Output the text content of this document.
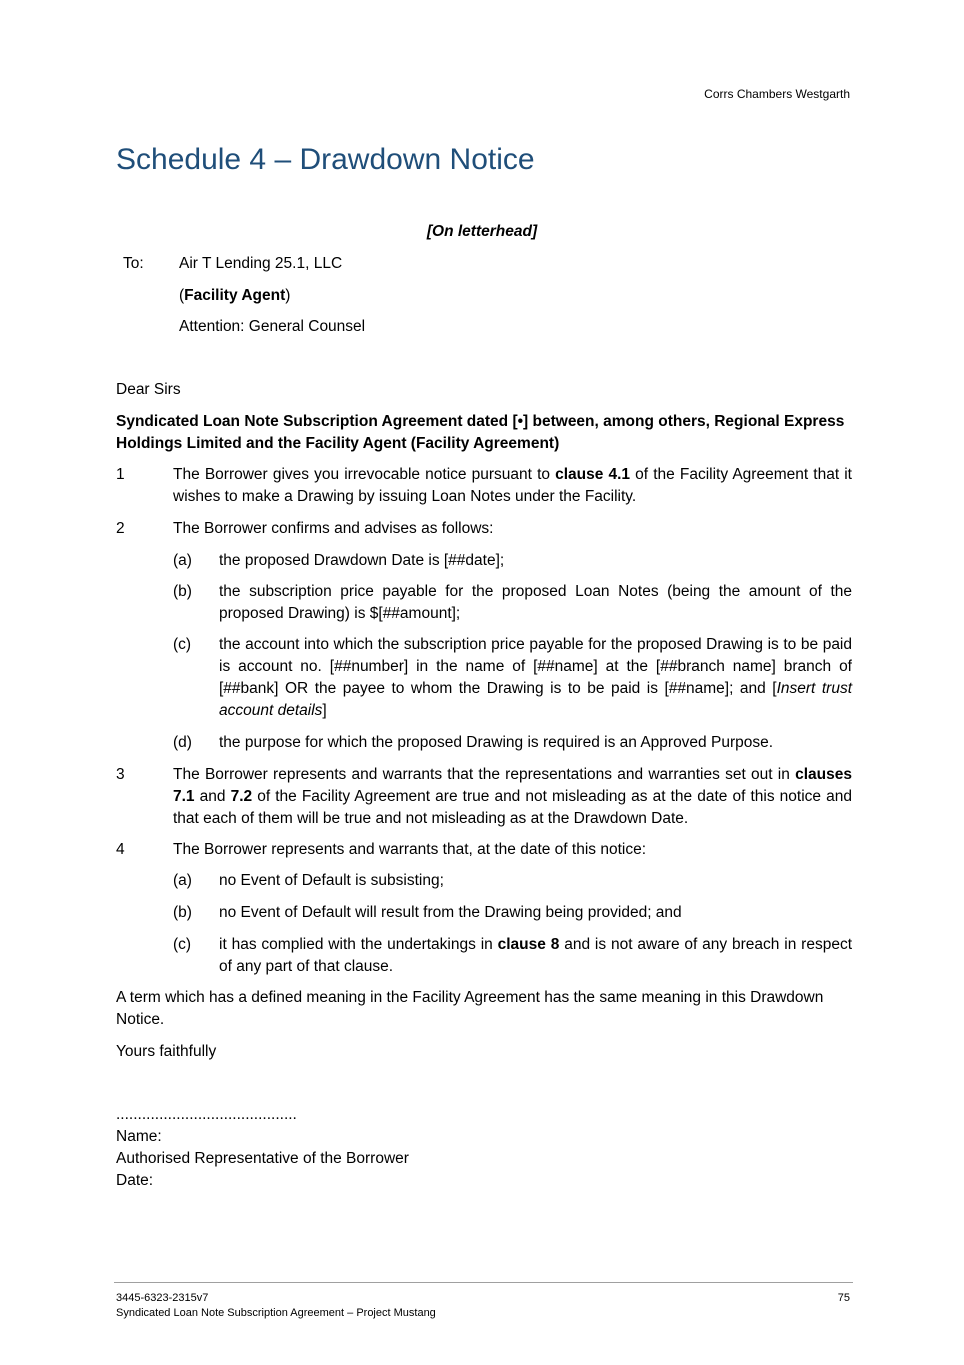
Corrs Chambers Westgarth
Schedule 4 – Drawdown Notice
[On letterhead]
To: Air T Lending 25.1, LLC
(Facility Agent)
Attention: General Counsel
Dear Sirs
Syndicated Loan Note Subscription Agreement dated [•] between, among others, Regional Express Holdings Limited and the Facility Agent (Facility Agreement)
1	The Borrower gives you irrevocable notice pursuant to clause 4.1 of the Facility Agreement that it wishes to make a Drawing by issuing Loan Notes under the Facility.
2	The Borrower confirms and advises as follows:
(a) the proposed Drawdown Date is [##date];
(b) the subscription price payable for the proposed Loan Notes (being the amount of the proposed Drawing) is $[##amount];
(c) the account into which the subscription price payable for the proposed Drawing is to be paid is account no. [##number] in the name of [##name] at the [##branch name] branch of [##bank] OR the payee to whom the Drawing is to be paid is [##name]; and [Insert trust account details]
(d) the purpose for which the proposed Drawing is required is an Approved Purpose.
3	The Borrower represents and warrants that the representations and warranties set out in clauses 7.1 and 7.2 of the Facility Agreement are true and not misleading as at the date of this notice and that each of them will be true and not misleading as at the Drawdown Date.
4	The Borrower represents and warrants that, at the date of this notice:
(a) no Event of Default is subsisting;
(b) no Event of Default will result from the Drawing being provided; and
(c) it has complied with the undertakings in clause 8 and is not aware of any breach in respect of any part of that clause.
A term which has a defined meaning in the Facility Agreement has the same meaning in this Drawdown Notice.
Yours faithfully
..........................................
Name:
Authorised Representative of the Borrower
Date:
3445-6323-2315v7
Syndicated Loan Note Subscription Agreement – Project Mustang
75
